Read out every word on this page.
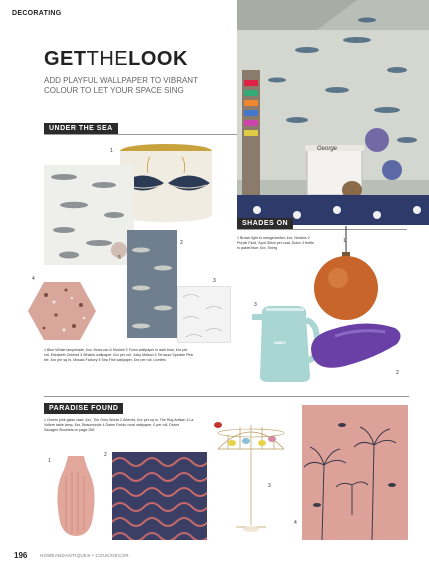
DECORATING
GETTHELOOK
ADD PLAYFUL WALLPAPER TO VIBRANT
COLOUR TO LET YOUR SPACE SING
George
UNDER THE SEA
1
5
2
3
4
1 Blue Whale lampshade, £xx, Moss-ran & Mohrell 2 Fumo wallpaper in dark blue, £xx per roll, Elizabeth Ockford 3 Whales wallpaper, £xx per roll, Juicy Maison 4 Terrazzo Speckle Pink tile, £xx per sq m, Mosaic Factory 5 Sea Fish wallpaper, £xx per roll, Livettes
SHADES ON
1 Brown light in orange/amber, £xx, Nordlux 2 Purple Fluid, Spot Glitch per coat, Dulux 3 Kettle in pastel blue, £xx, Smeg
1
SMEG
3
2
PARADISE FOUND
1 Omero pink glass vase, £xx, The Grey Works 2 Artemis, £xx per sq m, The Rug Artisan 3 La Voliere table lamp, £xx, Beaumonde 4 Dame Fondu coral wallpaper, £ per roll, Divine Savages Stockists on page 256
1
2
3
4
196	HOMEANDANTIQUES • COUK/DECOR
